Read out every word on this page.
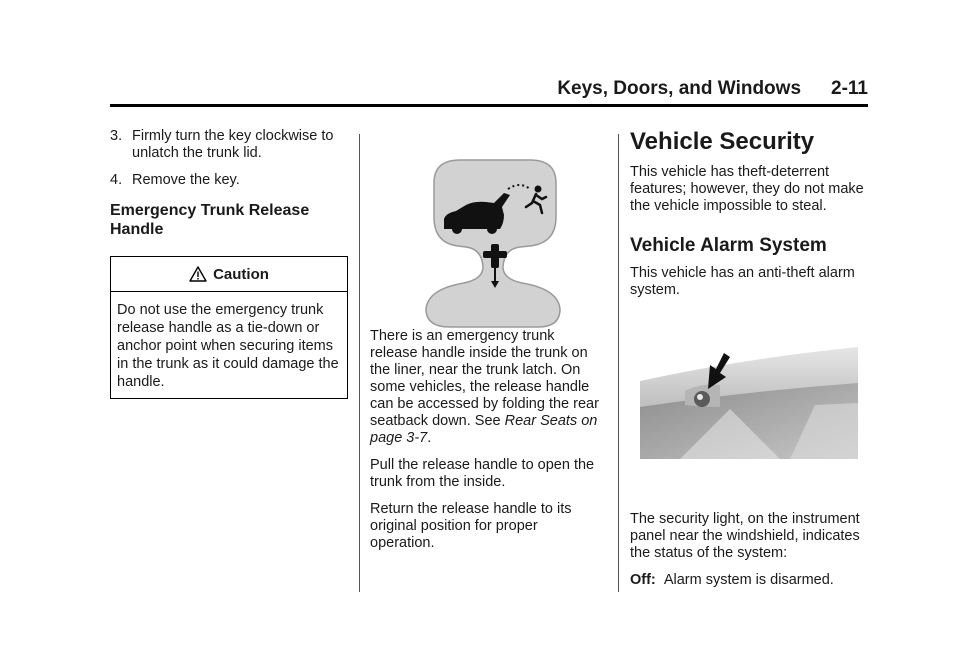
Keys, Doors, and Windows 2-11
3. Firmly turn the key clockwise to unlatch the trunk lid.
4. Remove the key.
Emergency Trunk Release Handle
Caution
Do not use the emergency trunk release handle as a tie-down or anchor point when securing items in the trunk as it could damage the handle.

There is an emergency trunk release handle inside the trunk on the liner, near the trunk latch. On some vehicles, the release handle can be accessed by folding the rear seatback down. See Rear Seats on page 3‑7.

Pull the release handle to open the trunk from the inside.

Return the release handle to its original position for proper operation.

Vehicle Security

This vehicle has theft-deterrent features; however, they do not make the vehicle impossible to steal.

Vehicle Alarm System

This vehicle has an anti-theft alarm system.

The security light, on the instrument panel near the windshield, indicates the status of the system:

Off: Alarm system is disarmed.
